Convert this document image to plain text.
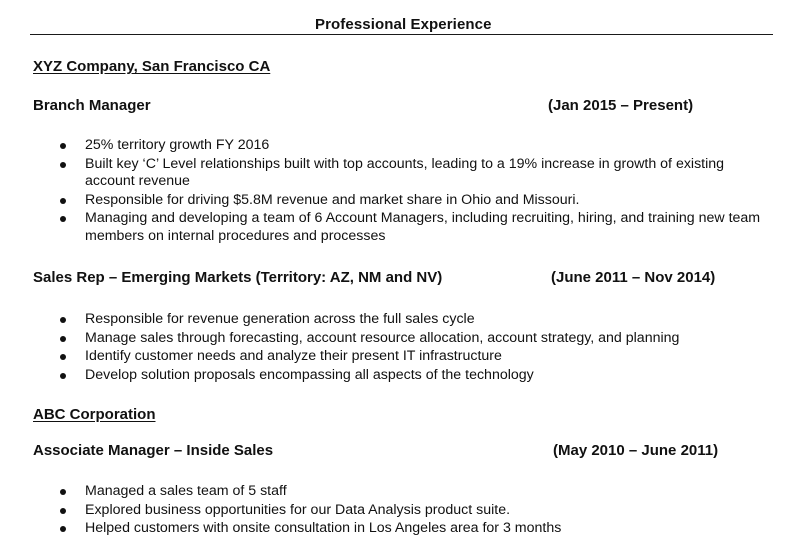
Professional Experience
XYZ Company, San Francisco CA
Branch Manager	(Jan 2015 – Present)
25% territory growth FY 2016
Built key ‘C’ Level relationships built with top accounts, leading to a 19% increase in growth of existing account revenue
Responsible for driving $5.8M revenue and market share in Ohio and Missouri.
Managing and developing a team of 6 Account Managers, including recruiting, hiring, and training new team members on internal procedures and processes
Sales Rep – Emerging Markets (Territory: AZ, NM and NV)	(June 2011 – Nov 2014)
Responsible for revenue generation across the full sales cycle
Manage sales through forecasting, account resource allocation, account strategy, and planning
Identify customer needs and analyze their present IT infrastructure
Develop solution proposals encompassing all aspects of the technology
ABC Corporation
Associate Manager – Inside Sales	(May 2010 – June 2011)
Managed a sales team of 5 staff
Explored business opportunities for our Data Analysis product suite.
Helped customers with onsite consultation in Los Angeles area for 3 months
